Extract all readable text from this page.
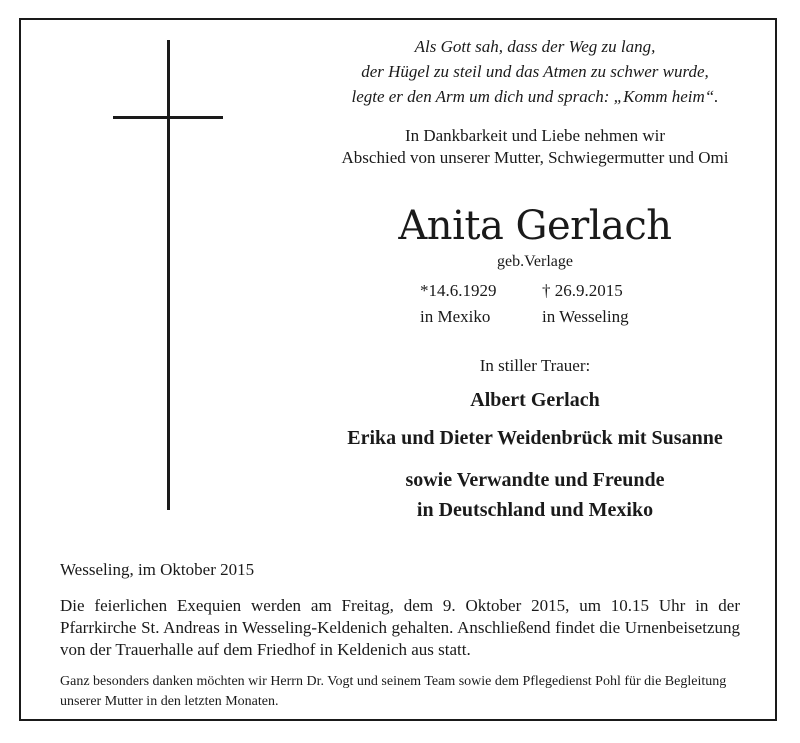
Als Gott sah, dass der Weg zu lang,
der Hügel zu steil und das Atmen zu schwer wurde,
legte er den Arm um dich und sprach: „Komm heim“.
In Dankbarkeit und Liebe nehmen wir
Abschied von unserer Mutter, Schwiegermutter und Omi
Anita Gerlach
geb.Verlage
*14.6.1929
in Mexiko
† 26.9.2015
in Wesseling
In stiller Trauer:
Albert Gerlach
Erika und Dieter Weidenbrück mit Susanne
sowie Verwandte und Freunde
in Deutschland und Mexiko
Wesseling, im Oktober 2015
Die feierlichen Exequien werden am Freitag, dem 9. Oktober 2015, um 10.15 Uhr in der Pfarrkirche St. Andreas in Wesseling-Keldenich gehalten. Anschließend findet die Urnenbeisetzung von der Trauerhalle auf dem Friedhof in Keldenich aus statt.
Ganz besonders danken möchten wir Herrn Dr. Vogt und seinem Team sowie dem Pflegedienst Pohl für die Begleitung unserer Mutter in den letzten Monaten.
